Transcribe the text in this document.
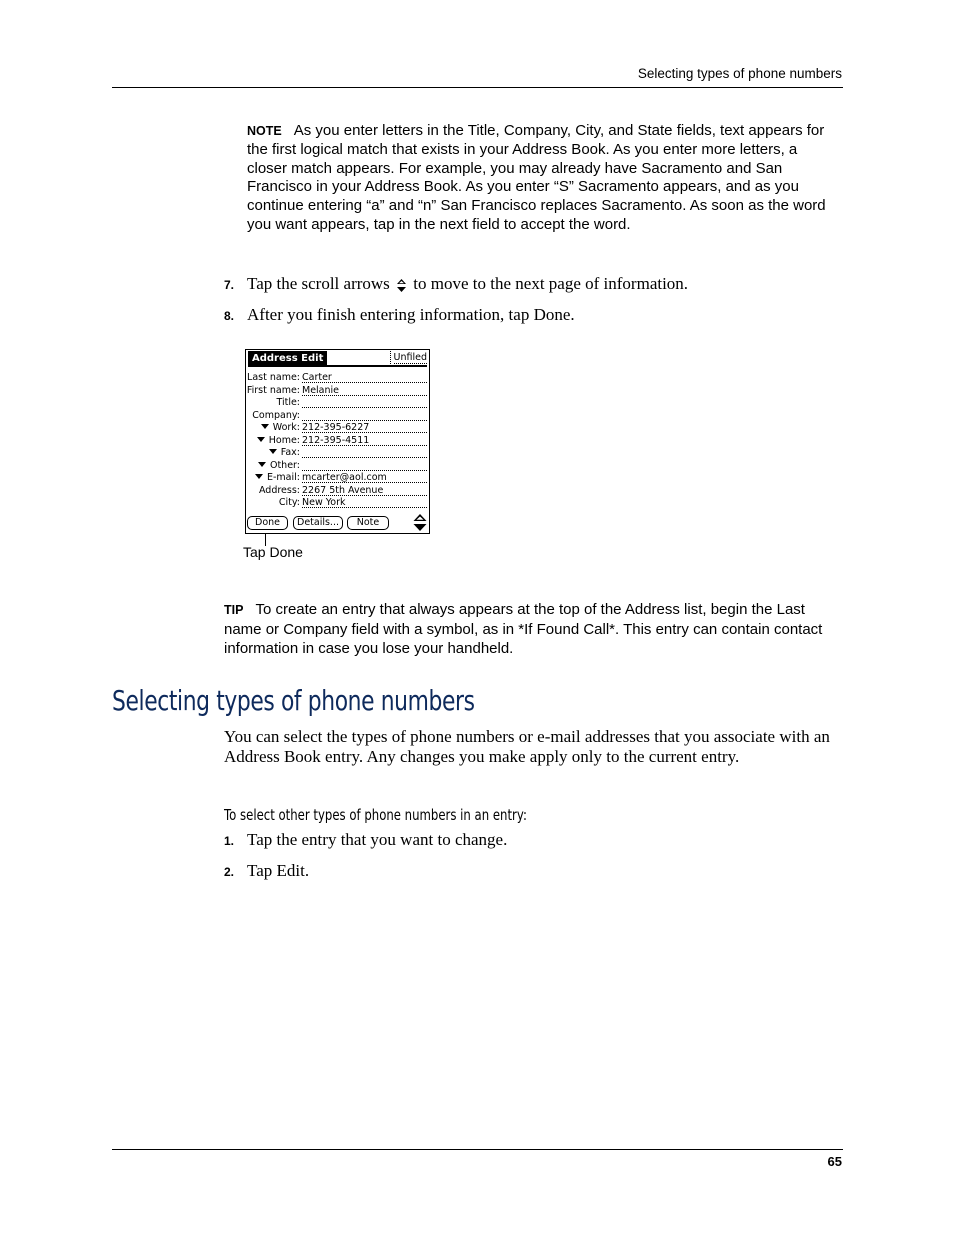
Selecting types of phone numbers
NOTE As you enter letters in the Title, Company, City, and State fields, text appears for the first logical match that exists in your Address Book. As you enter more letters, a closer match appears. For example, you may already have Sacramento and San Francisco in your Address Book. As you enter “S” Sacramento appears, and as you continue entering “a” and “n” San Francisco replaces Sacramento. As soon as the word you want appears, tap in the next field to accept the word.
7. Tap the scroll arrows to move to the next page of information.
8. After you finish entering information, tap Done.
Address Edit	Unfiled
Last name: Carter
First name: Melanie
Title:
Company:
Work: 212-395-6227
Home: 212-395-4511
Fax:
Other:
E-mail: mcarter@aol.com
Address: 2267 5th Avenue
City: New York
Done	Details...	Note
Tap Done
TIP To create an entry that always appears at the top of the Address list, begin the Last name or Company field with a symbol, as in *If Found Call*. This entry can contain contact information in case you lose your handheld.
Selecting types of phone numbers
You can select the types of phone numbers or e-mail addresses that you associate with an Address Book entry. Any changes you make apply only to the current entry.
To select other types of phone numbers in an entry:
1. Tap the entry that you want to change.
2. Tap Edit.
65
